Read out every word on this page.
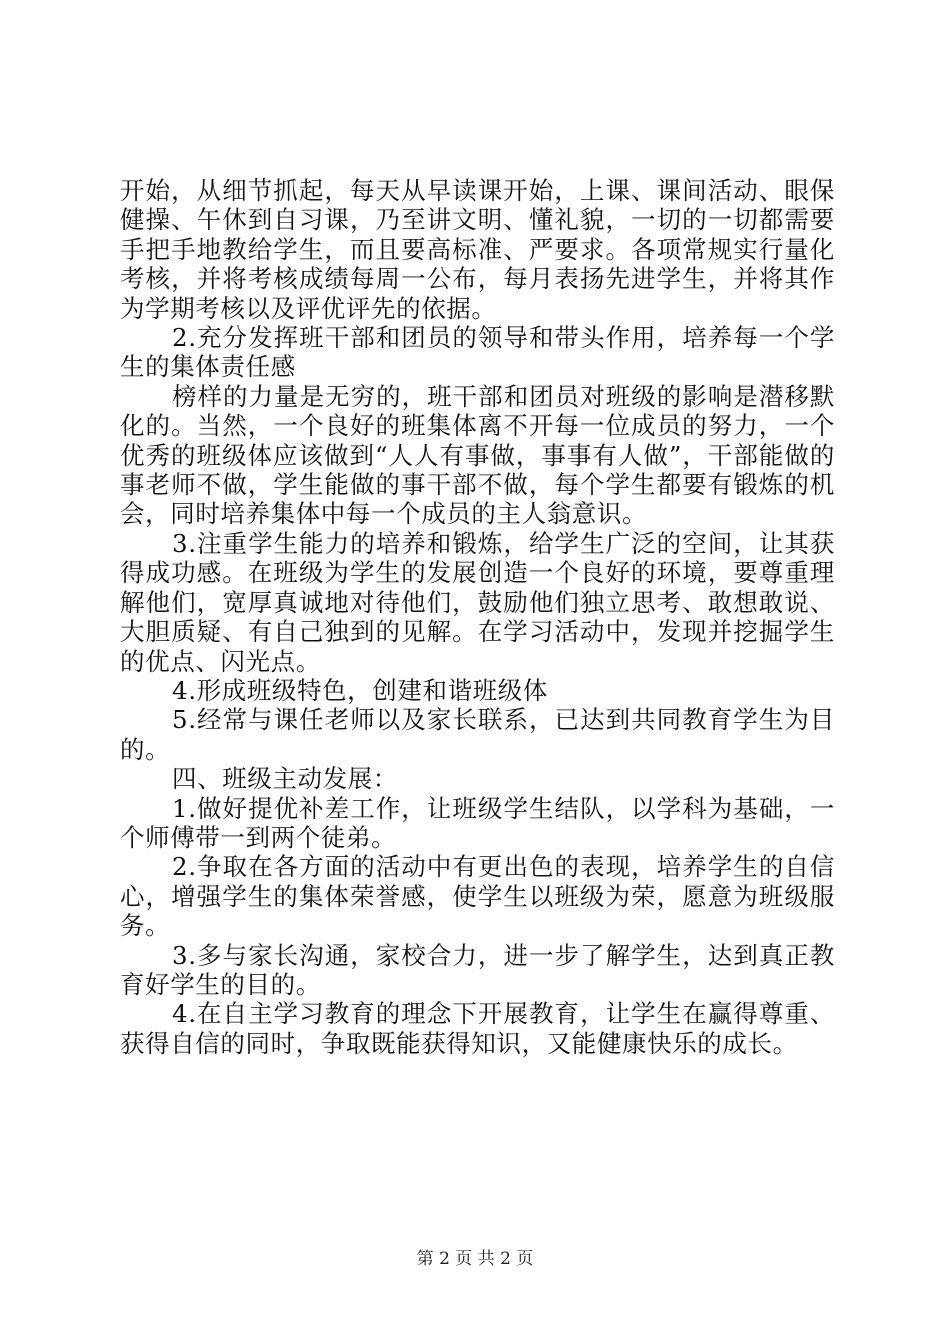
开始，从细节抓起，每天从早读课开始，上课、课间活动、眼保健操、午休到自习课，乃至讲文明、懂礼貌，一切的一切都需要手把手地教给学生，而且要高标准、严要求。各项常规实行量化考核，并将考核成绩每周一公布，每月表扬先进学生，并将其作为学期考核以及评优评先的依据。

2.充分发挥班干部和团员的领导和带头作用，培养每一个学生的集体责任感

榜样的力量是无穷的，班干部和团员对班级的影响是潜移默化的。当然，一个良好的班集体离不开每一位成员的努力，一个优秀的班级体应该做到“人人有事做，事事有人做”，干部能做的事老师不做，学生能做的事干部不做，每个学生都要有锻炼的机会，同时培养集体中每一个成员的主人翁意识。

3.注重学生能力的培养和锻炼，给学生广泛的空间，让其获得成功感。在班级为学生的发展创造一个良好的环境，要尊重理解他们，宽厚真诚地对待他们，鼓励他们独立思考、敢想敢说、大胆质疑、有自己独到的见解。在学习活动中，发现并挖掘学生的优点、闪光点。

4.形成班级特色，创建和谐班级体

5.经常与课任老师以及家长联系，已达到共同教育学生为目的。

四、班级主动发展：

1.做好提优补差工作，让班级学生结队，以学科为基础，一个师傅带一到两个徒弟。

2.争取在各方面的活动中有更出色的表现，培养学生的自信心，增强学生的集体荣誉感，使学生以班级为荣，愿意为班级服务。

3.多与家长沟通，家校合力，进一步了解学生，达到真正教育好学生的目的。

4.在自主学习教育的理念下开展教育，让学生在赢得尊重、获得自信的同时，争取既能获得知识，又能健康快乐的成长。

第 2 页 共 2 页
